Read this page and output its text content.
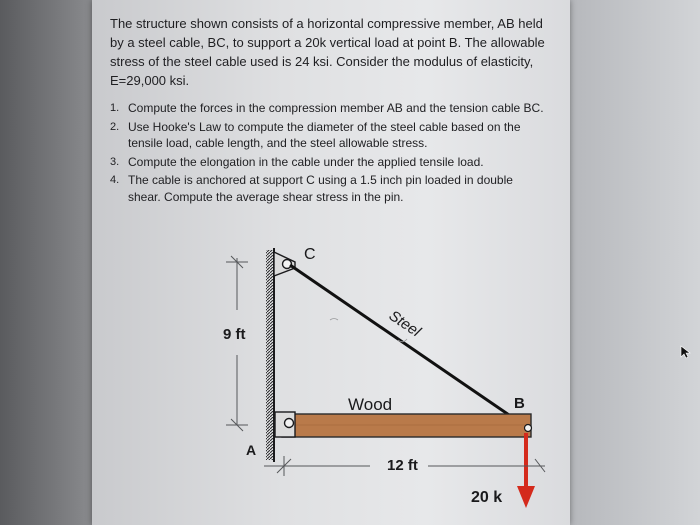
The structure shown consists of a horizontal compressive member, AB held by a steel cable, BC, to support a 20k vertical load at point B. The allowable stress of the steel cable used is 24 ksi. Consider the modulus of elasticity, E=29,000 ksi.

1. Compute the forces in the compression member AB and the tension cable BC.
2. Use Hooke's Law to compute the diameter of the steel cable based on the tensile load, cable length, and the steel allowable stress.
3. Compute the elongation in the cable under the applied tensile load.
4. The cable is anchored at support C using a 1.5 inch pin loaded in double shear. Compute the average shear stress in the pin.
9 ft
C
Steel
Wood
A
B
20 k
12 ft
